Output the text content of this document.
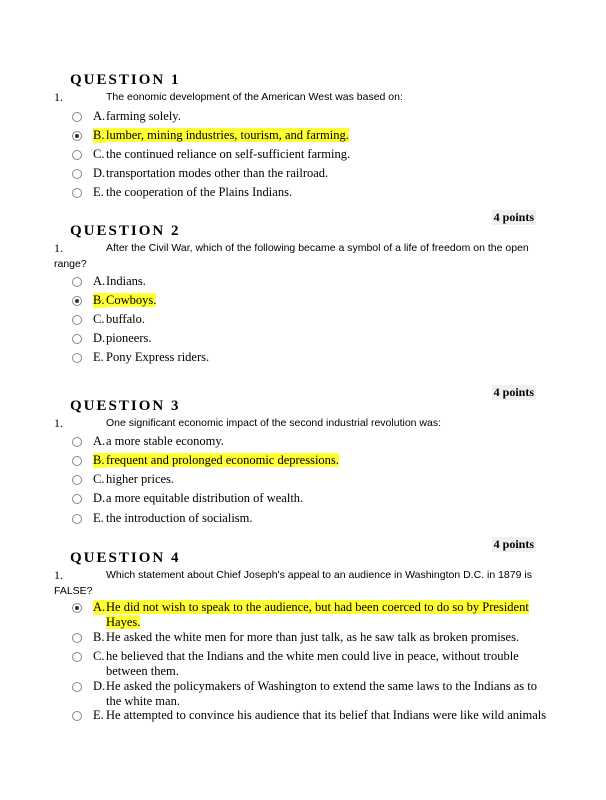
QUESTION 1
1.	The eonomic development of the American West was based on:
A. farming solely.
B. lumber, mining industries, tourism, and farming.
C. the continued reliance on self-sufficient farming.
D. transportation modes other than the railroad.
E. the cooperation of the Plains Indians.
4 points
QUESTION 2
1.	After the Civil War, which of the following became a symbol of a life of freedom on the open range?
A. Indians.
B. Cowboys.
C. buffalo.
D. pioneers.
E. Pony Express riders.
4 points
QUESTION 3
1.	One significant economic impact of the second industrial revolution was:
A. a more stable economy.
B. frequent and prolonged economic depressions.
C. higher prices.
D. a more equitable distribution of wealth.
E. the introduction of socialism.
4 points
QUESTION 4
1.	Which statement about Chief Joseph's appeal to an audience in Washington D.C. in 1879 is FALSE?
A. He did not wish to speak to the audience, but had been coerced to do so by President Hayes.
B. He asked the white men for more than just talk, as he saw talk as broken promises.
C. he believed that the Indians and the white men could live in peace, without trouble between them.
D. He asked the policymakers of Washington to extend the same laws to the Indians as to the white man.
E. He attempted to convince his audience that its belief that Indians were like wild animals
